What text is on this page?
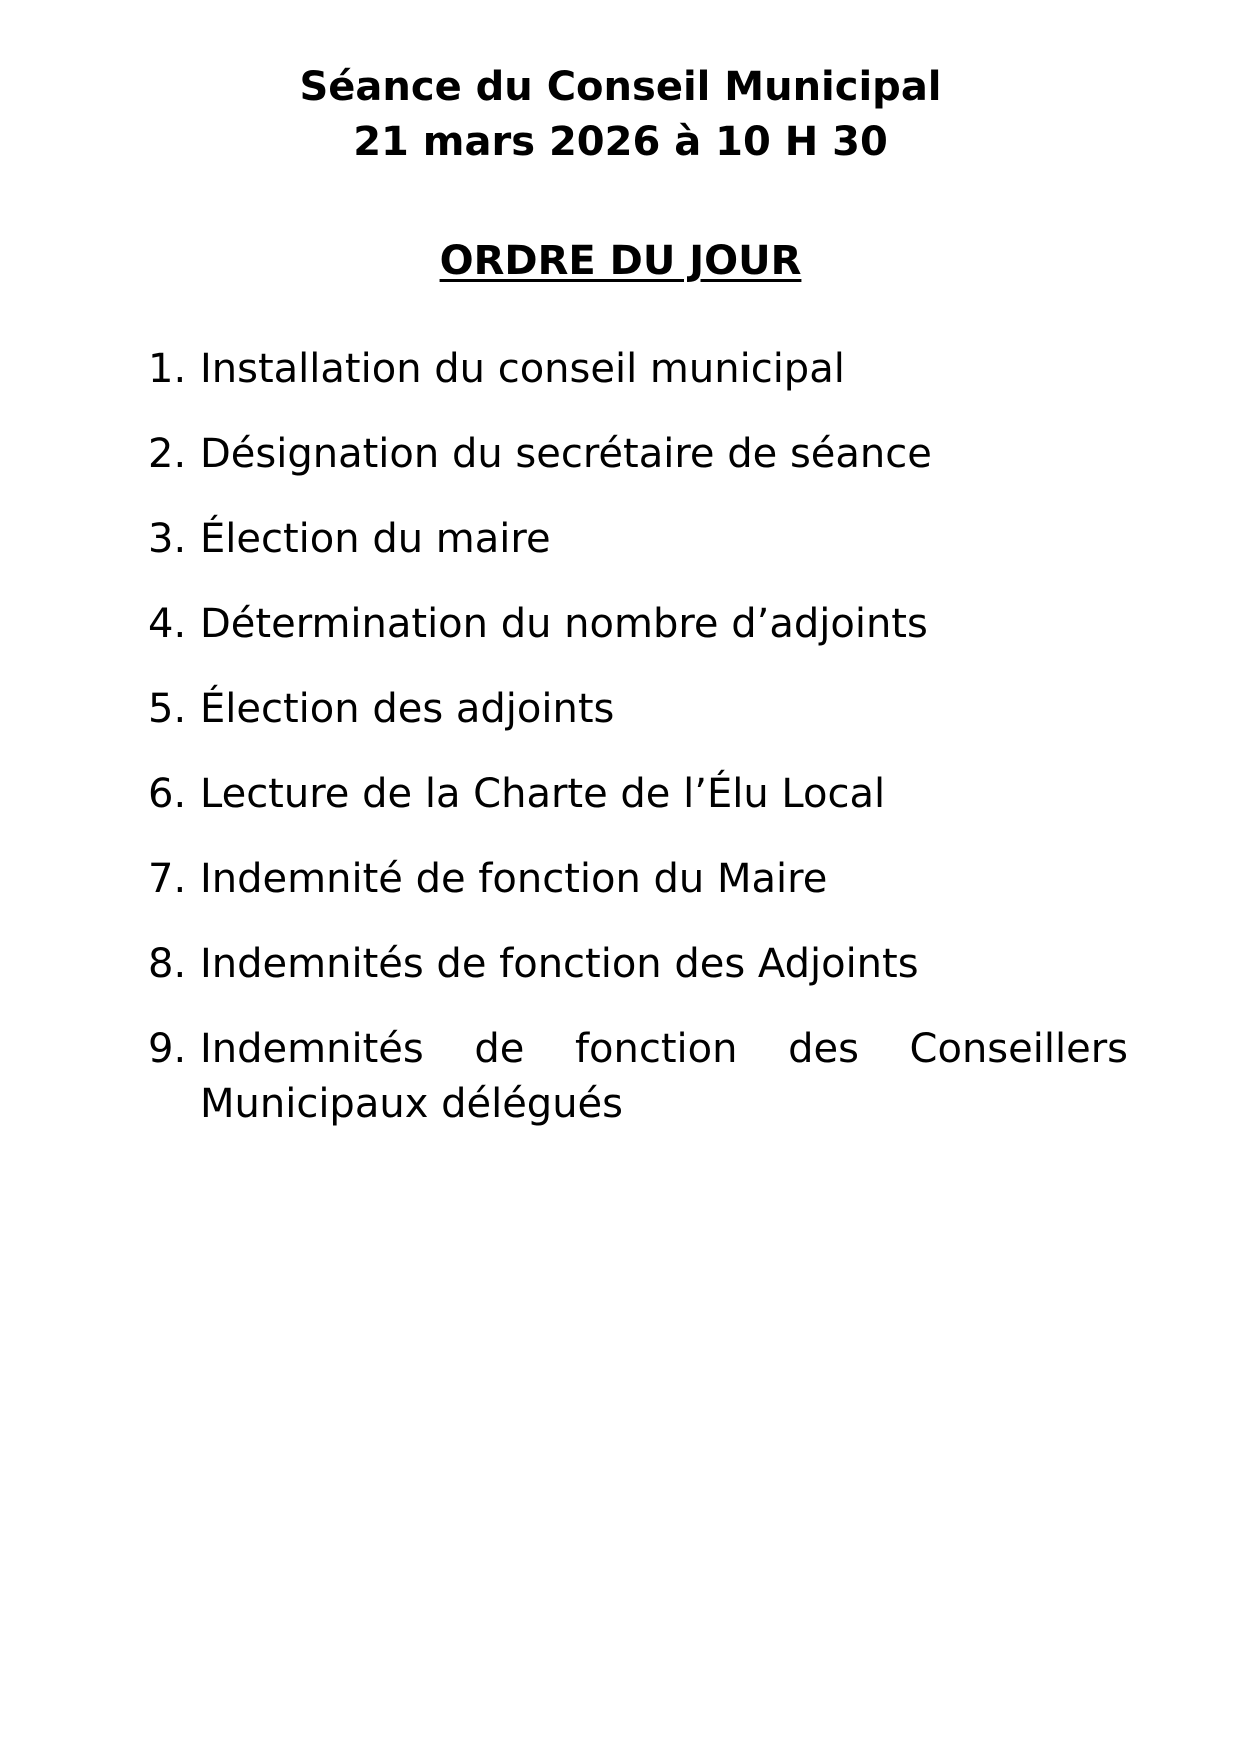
Séance du Conseil Municipal
21 mars 2026 à 10 H 30
ORDRE DU JOUR
1. Installation du conseil municipal
2. Désignation du secrétaire de séance
3. Élection du maire
4. Détermination du nombre d’adjoints
5. Élection des adjoints
6. Lecture de la Charte de l’Élu Local
7. Indemnité de fonction du Maire
8. Indemnités de fonction des Adjoints
9. Indemnités de fonction des Conseillers Municipaux délégués
